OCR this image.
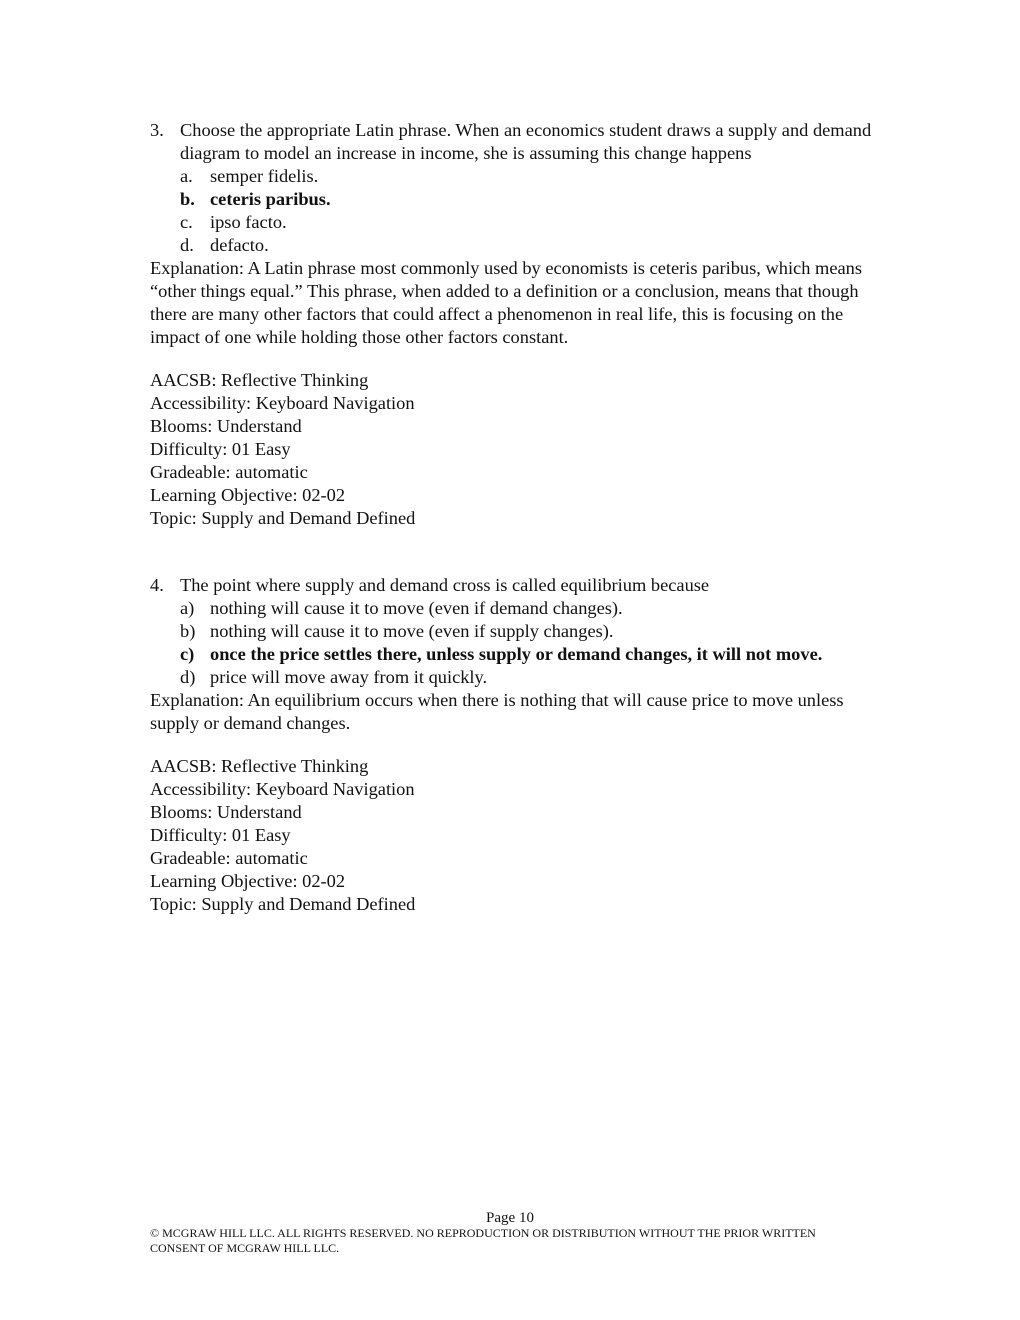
3. Choose the appropriate Latin phrase. When an economics student draws a supply and demand diagram to model an increase in income, she is assuming this change happens
a. semper fidelis.
b. ceteris paribus.
c. ipso facto.
d. defacto.
Explanation: A Latin phrase most commonly used by economists is ceteris paribus, which means “other things equal.” This phrase, when added to a definition or a conclusion, means that though there are many other factors that could affect a phenomenon in real life, this is focusing on the impact of one while holding those other factors constant.
AACSB: Reflective Thinking
Accessibility: Keyboard Navigation
Blooms: Understand
Difficulty: 01 Easy
Gradeable: automatic
Learning Objective: 02-02
Topic: Supply and Demand Defined
4. The point where supply and demand cross is called equilibrium because
a) nothing will cause it to move (even if demand changes).
b) nothing will cause it to move (even if supply changes).
c) once the price settles there, unless supply or demand changes, it will not move.
d) price will move away from it quickly.
Explanation: An equilibrium occurs when there is nothing that will cause price to move unless supply or demand changes.
AACSB: Reflective Thinking
Accessibility: Keyboard Navigation
Blooms: Understand
Difficulty: 01 Easy
Gradeable: automatic
Learning Objective: 02-02
Topic: Supply and Demand Defined
Page 10
© MCGRAW HILL LLC. ALL RIGHTS RESERVED. NO REPRODUCTION OR DISTRIBUTION WITHOUT THE PRIOR WRITTEN CONSENT OF MCGRAW HILL LLC.
